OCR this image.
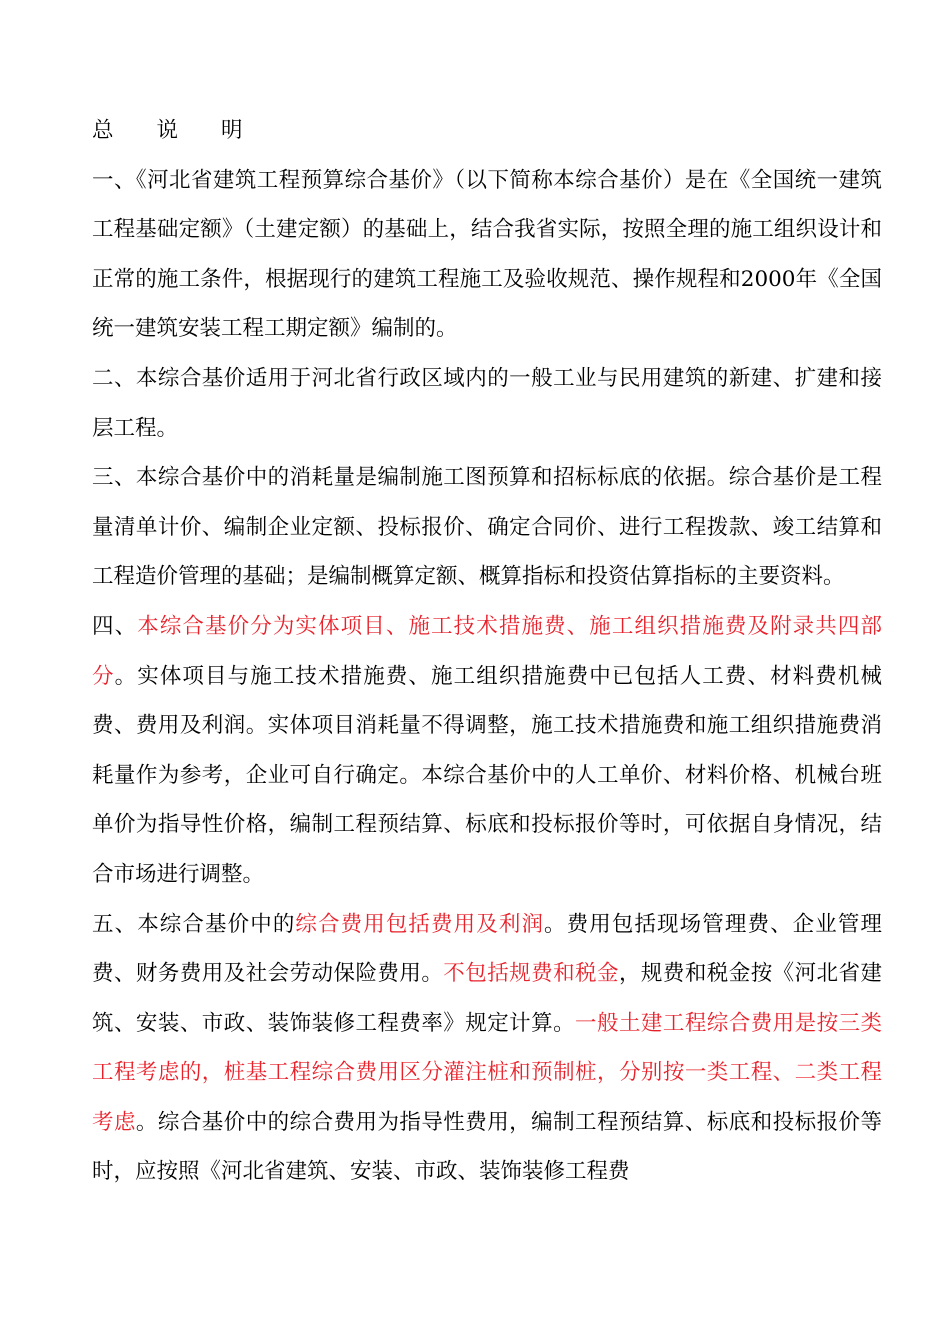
总　　说　　明

一、《河北省建筑工程预算综合基价》（以下简称本综合基价）是在《全国统一建筑工程基础定额》（土建定额）的基础上，结合我省实际，按照全理的施工组织设计和正常的施工条件，根据现行的建筑工程施工及验收规范、操作规程和2000年《全国统一建筑安装工程工期定额》编制的。

二、本综合基价适用于河北省行政区域内的一般工业与民用建筑的新建、扩建和接层工程。

三、本综合基价中的消耗量是编制施工图预算和招标标底的依据。综合基价是工程量清单计价、编制企业定额、投标报价、确定合同价、进行工程拨款、竣工结算和工程造价管理的基础；是编制概算定额、概算指标和投资估算指标的主要资料。

四、本综合基价分为实体项目、施工技术措施费、施工组织措施费及附录共四部分。实体项目与施工技术措施费、施工组织措施费中已包括人工费、材料费机械费、费用及利润。实体项目消耗量不得调整，施工技术措施费和施工组织措施费消耗量作为参考，企业可自行确定。本综合基价中的人工单价、材料价格、机械台班单价为指导性价格，编制工程预结算、标底和投标报价等时，可依据自身情况，结合市场进行调整。

五、本综合基价中的综合费用包括费用及利润。费用包括现场管理费、企业管理费、财务费用及社会劳动保险费用。不包括规费和税金，规费和税金按《河北省建筑、安装、市政、装饰装修工程费率》规定计算。一般土建工程综合费用是按三类工程考虑的，桩基工程综合费用区分灌注桩和预制桩，分别按一类工程、二类工程考虑。综合基价中的综合费用为指导性费用，编制工程预结算、标底和投标报价等时，应按照《河北省建筑、安装、市政、装饰装修工程费
